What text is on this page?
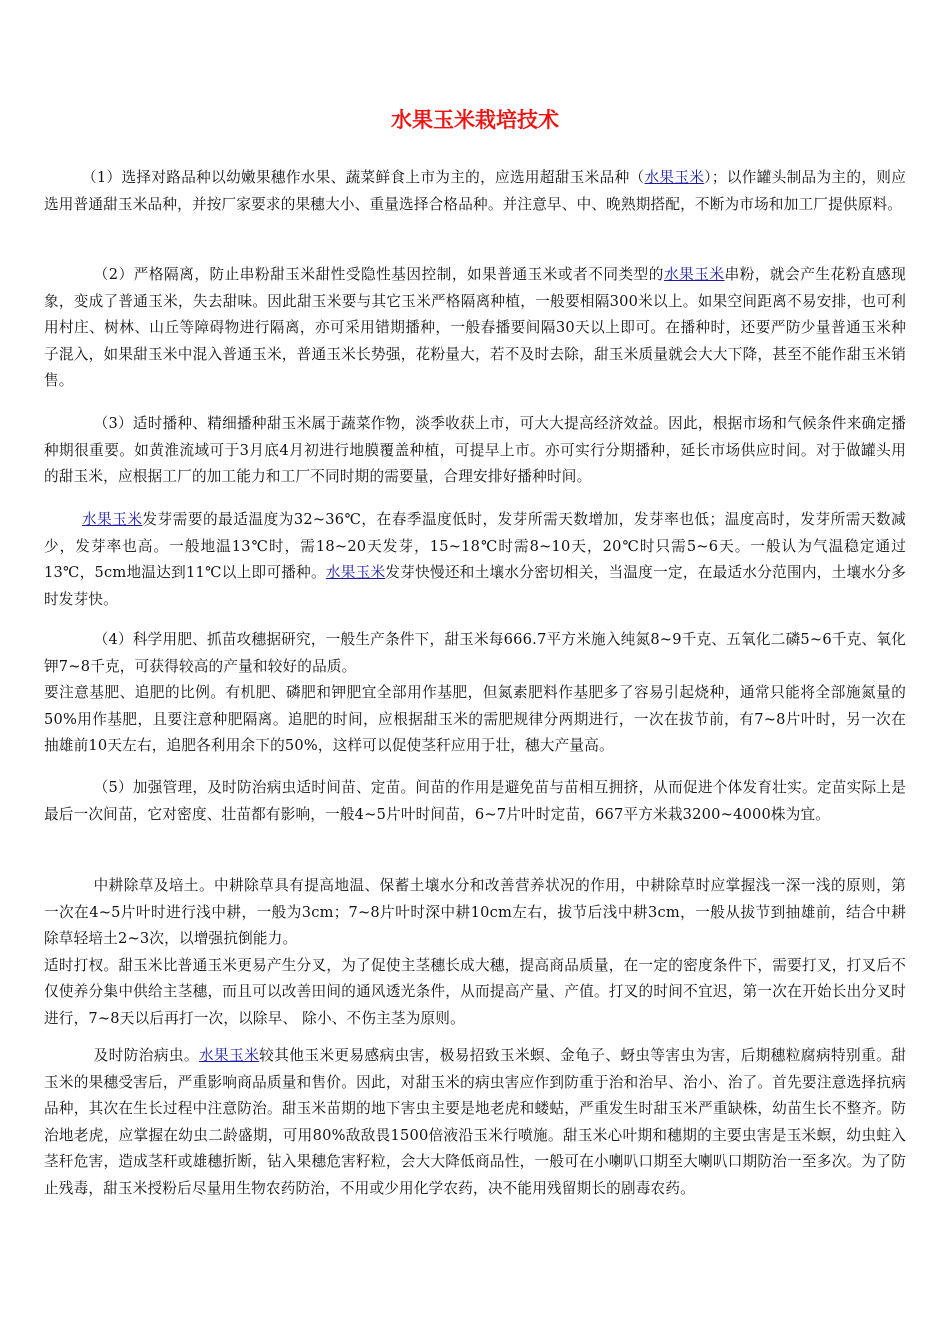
水果玉米栽培技术

（1）选择对路品种以幼嫩果穗作水果、蔬菜鲜食上市为主的，应选用超甜玉米品种（水果玉米）；以作罐头制品为主的，则应选用普通甜玉米品种，并按厂家要求的果穗大小、重量选择合格品种。并注意早、中、晚熟期搭配，不断为市场和加工厂提供原料。

（2）严格隔离，防止串粉甜玉米甜性受隐性基因控制，如果普通玉米或者不同类型的水果玉米串粉，就会产生花粉直感现象，变成了普通玉米，失去甜味。因此甜玉米要与其它玉米严格隔离种植，一般要相隔300米以上。如果空间距离不易安排，也可利用村庄、树林、山丘等障碍物进行隔离，亦可采用错期播种，一般春播要间隔30天以上即可。在播种时，还要严防少量普通玉米种子混入，如果甜玉米中混入普通玉米，普通玉米长势强，花粉量大，若不及时去除，甜玉米质量就会大大下降，甚至不能作甜玉米销售。

（3）适时播种、精细播种甜玉米属于蔬菜作物，淡季收获上市，可大大提高经济效益。因此，根据市场和气候条件来确定播种期很重要。如黄淮流域可于3月底4月初进行地膜覆盖种植，可提早上市。亦可实行分期播种，延长市场供应时间。对于做罐头用的甜玉米，应根据工厂的加工能力和工厂不同时期的需要量，合理安排好播种时间。

水果玉米发芽需要的最适温度为32~36℃，在春季温度低时，发芽所需天数增加，发芽率也低；温度高时，发芽所需天数减少，发芽率也高。一般地温13℃时，需18~20天发芽，15~18℃时需8~10天，20℃时只需5~6天。一般认为气温稳定通过13℃，5cm地温达到11℃以上即可播种。水果玉米发芽快慢还和土壤水分密切相关，当温度一定，在最适水分范围内，土壤水分多时发芽快。

（4）科学用肥、抓苗攻穗据研究，一般生产条件下，甜玉米每666.7平方米施入纯氮8~9千克、五氧化二磷5~6千克、氧化钾7~8千克，可获得较高的产量和较好的品质。

要注意基肥、追肥的比例。有机肥、磷肥和钾肥宜全部用作基肥，但氮素肥料作基肥多了容易引起烧种，通常只能将全部施氮量的50%用作基肥，且要注意种肥隔离。追肥的时间，应根据甜玉米的需肥规律分两期进行，一次在拔节前，有7~8片叶时，另一次在抽雄前10天左右，追肥各利用余下的50%，这样可以促使茎秆应用于壮，穗大产量高。

（5）加强管理，及时防治病虫适时间苗、定苗。间苗的作用是避免苗与苗相互拥挤，从而促进个体发育壮实。定苗实际上是最后一次间苗，它对密度、壮苗都有影响，一般4~5片叶时间苗，6~7片叶时定苗，667平方米栽3200~4000株为宜。

中耕除草及培土。中耕除草具有提高地温、保蓄土壤水分和改善营养状况的作用，中耕除草时应掌握浅一深一浅的原则，第一次在4~5片叶时进行浅中耕，一般为3cm；7~8片叶时深中耕10cm左右，拔节后浅中耕3cm，一般从拔节到抽雄前，结合中耕除草轻培土2~3次，以增强抗倒能力。

适时打杈。甜玉米比普通玉米更易产生分叉，为了促使主茎穗长成大穗，提高商品质量，在一定的密度条件下，需要打叉，打叉后不仅使养分集中供给主茎穗，而且可以改善田间的通风透光条件，从而提高产量、产值。打叉的时间不宜迟，第一次在开始长出分叉时进行，7~8天以后再打一次，以除早、 除小、不伤主茎为原则。

及时防治病虫。水果玉米较其他玉米更易感病虫害，极易招致玉米螟、金龟子、蚜虫等害虫为害，后期穗粒腐病特别重。甜玉米的果穗受害后，严重影响商品质量和售价。因此，对甜玉米的病虫害应作到防重于治和治早、治小、治了。首先要注意选择抗病品种，其次在生长过程中注意防治。甜玉米苗期的地下害虫主要是地老虎和蝼蛄，严重发生时甜玉米严重缺株，幼苗生长不整齐。防治地老虎，应掌握在幼虫二龄盛期，可用80%敌敌畏1500倍液沿玉米行喷施。甜玉米心叶期和穗期的主要虫害是玉米螟，幼虫蛀入茎秆危害，造成茎秆或雄穗折断，钻入果穗危害籽粒，会大大降低商品性，一般可在小喇叭口期至大喇叭口期防治一至多次。为了防止残毒，甜玉米授粉后尽量用生物农药防治，不用或少用化学农药，决不能用残留期长的剧毒农药。
